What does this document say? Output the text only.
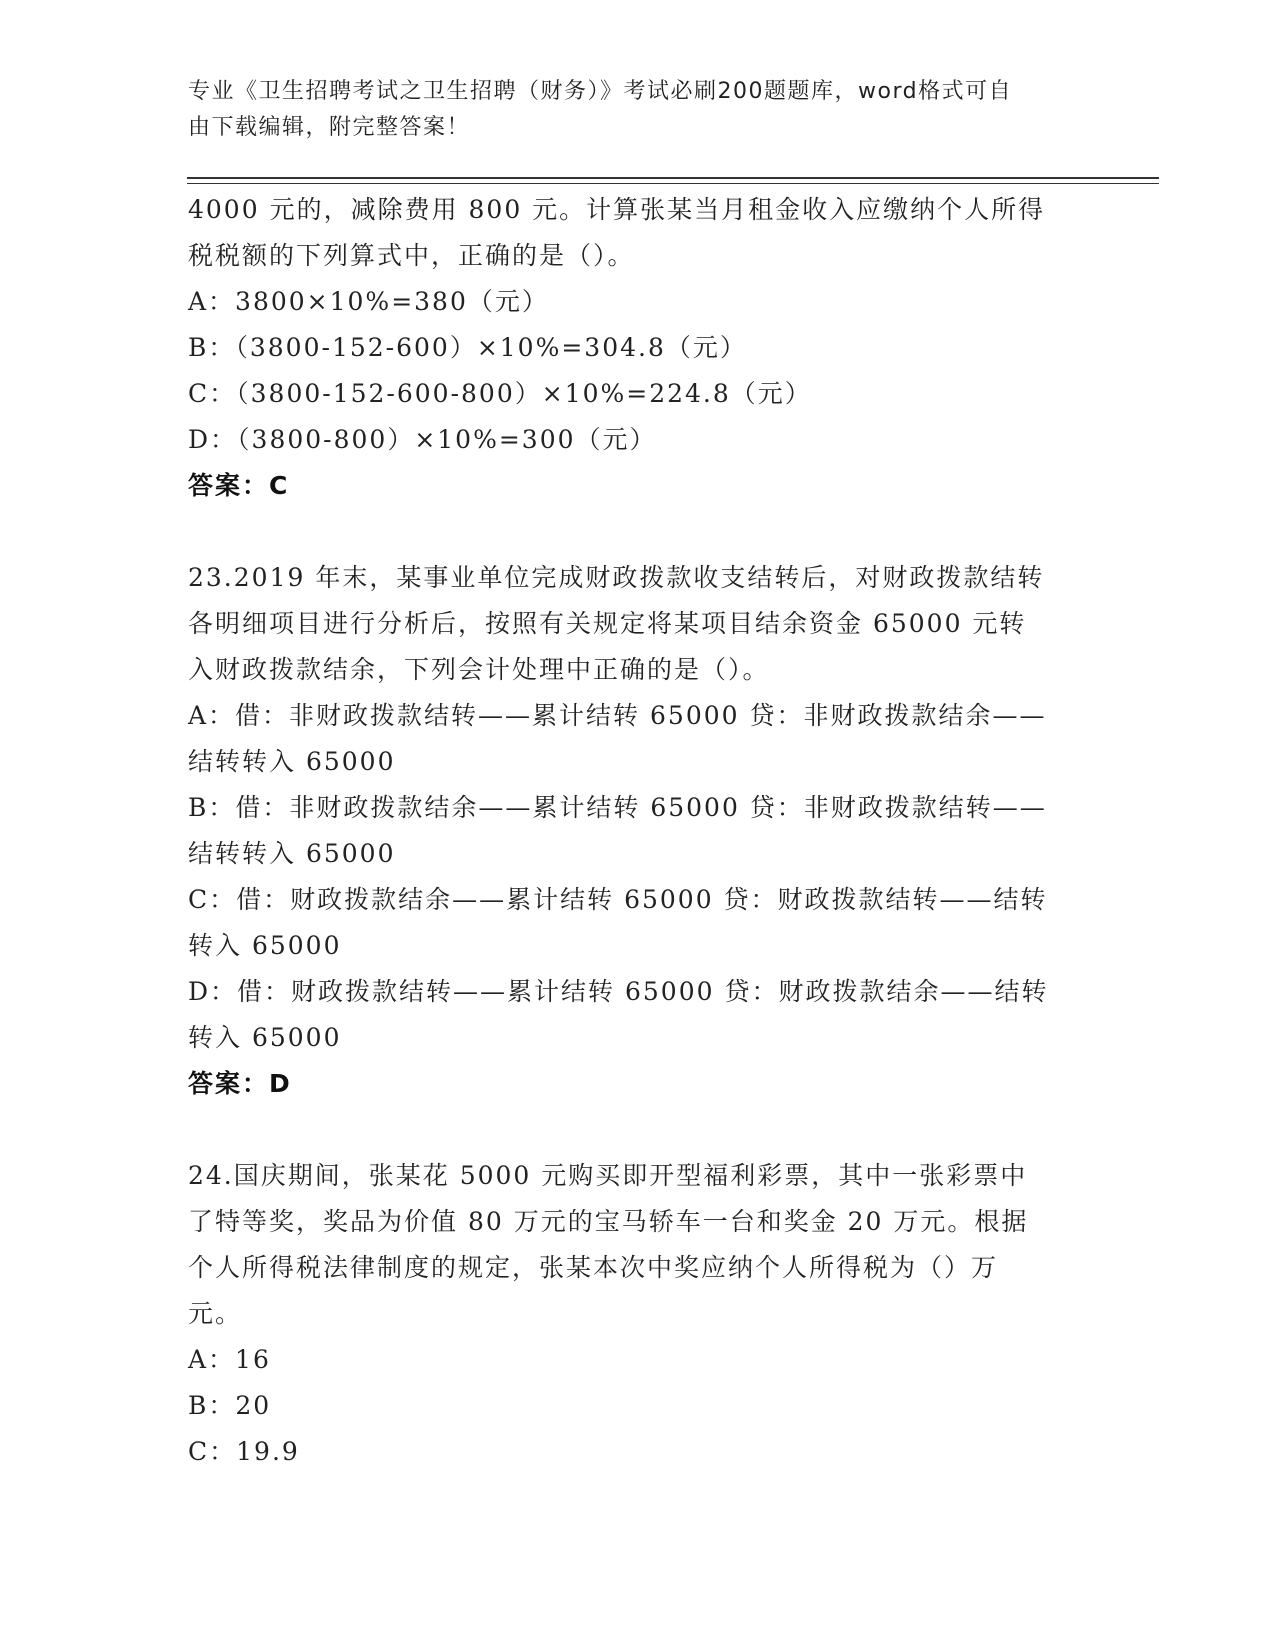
专业《卫生招聘考试之卫生招聘（财务）》考试必刷200题题库，word格式可自
由下载编辑，附完整答案！
4000 元的，减除费用 800 元。计算张某当月租金收入应缴纳个人所得
税税额的下列算式中，正确的是（）。
A：3800×10%=380（元）
B：（3800-152-600）×10%=304.8（元）
C：（3800-152-600-800）×10%=224.8（元）
D：（3800-800）×10%=300（元）
答案：C
23.2019 年末，某事业单位完成财政拨款收支结转后，对财政拨款结转
各明细项目进行分析后，按照有关规定将某项目结余资金 65000 元转
入财政拨款结余，下列会计处理中正确的是（）。
A：借：非财政拨款结转——累计结转 65000 贷：非财政拨款结余——
结转转入 65000
B：借：非财政拨款结余——累计结转 65000 贷：非财政拨款结转——
结转转入 65000
C：借：财政拨款结余——累计结转 65000 贷：财政拨款结转——结转
转入 65000
D：借：财政拨款结转——累计结转 65000 贷：财政拨款结余——结转
转入 65000
答案：D
24.国庆期间，张某花 5000 元购买即开型福利彩票，其中一张彩票中
了特等奖，奖品为价值 80 万元的宝马轿车一台和奖金 20 万元。根据
个人所得税法律制度的规定，张某本次中奖应纳个人所得税为（）万
元。
A：16
B：20
C：19.9
